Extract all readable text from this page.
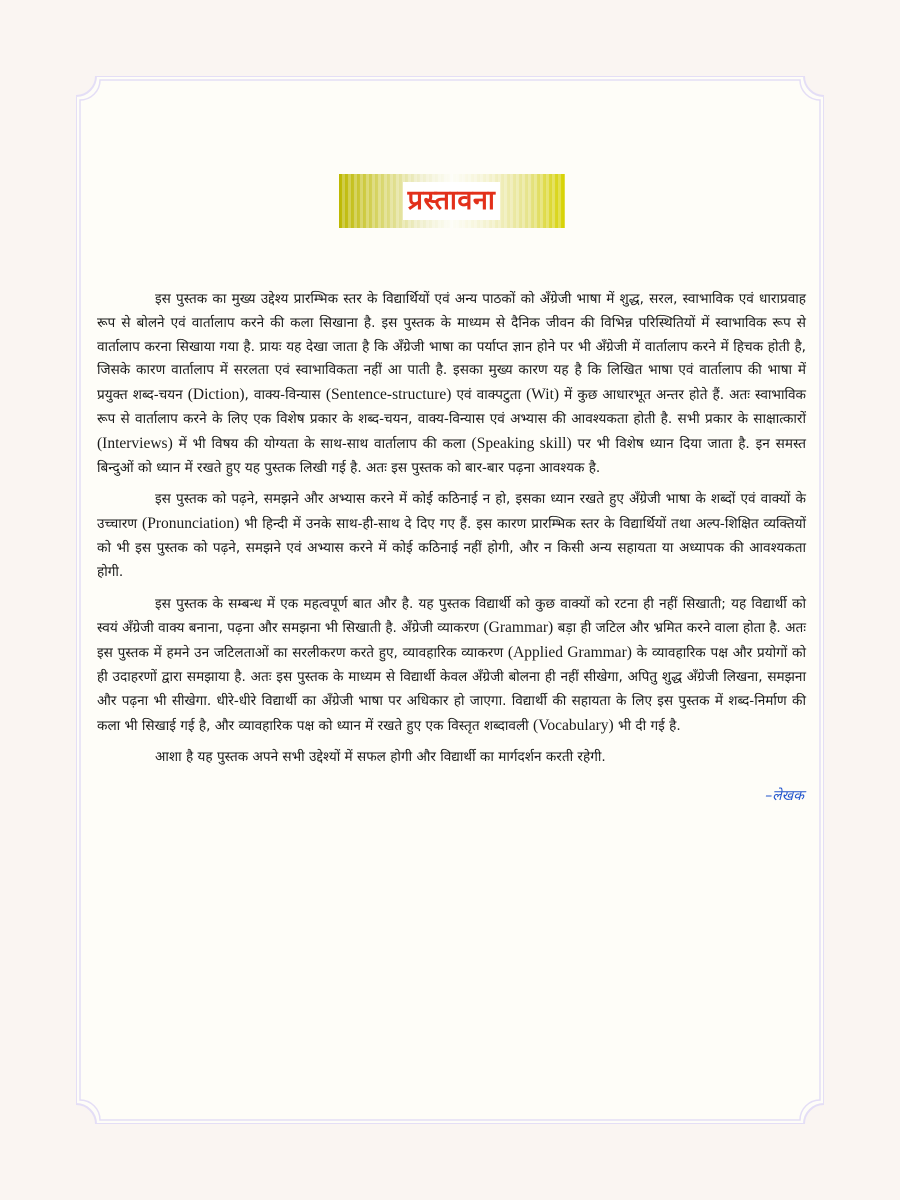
प्रस्तावना

इस पुस्तक का मुख्य उद्देश्य प्रारम्भिक स्तर के विद्यार्थियों एवं अन्य पाठकों को अँग्रेजी भाषा में शुद्ध, सरल, स्वाभाविक एवं धाराप्रवाह रूप से बोलने एवं वार्तालाप करने की कला सिखाना है. इस पुस्तक के माध्यम से दैनिक जीवन की विभिन्न परिस्थितियों में स्वाभाविक रूप से वार्तालाप करना सिखाया गया है. प्रायः यह देखा जाता है कि अँग्रेजी भाषा का पर्याप्त ज्ञान होने पर भी अँग्रेजी में वार्तालाप करने में हिचक होती है, जिसके कारण वार्तालाप में सरलता एवं स्वाभाविकता नहीं आ पाती है. इसका मुख्य कारण यह है कि लिखित भाषा एवं वार्तालाप की भाषा में प्रयुक्त शब्द-चयन (Diction), वाक्य-विन्यास (Sentence-structure) एवं वाक्पटुता (Wit) में कुछ आधारभूत अन्तर होते हैं. अतः स्वाभाविक रूप से वार्तालाप करने के लिए एक विशेष प्रकार के शब्द-चयन, वाक्य-विन्यास एवं अभ्यास की आवश्यकता होती है. सभी प्रकार के साक्षात्कारों (Interviews) में भी विषय की योग्यता के साथ-साथ वार्तालाप की कला (Speaking skill) पर भी विशेष ध्यान दिया जाता है. इन समस्त बिन्दुओं को ध्यान में रखते हुए यह पुस्तक लिखी गई है. अतः इस पुस्तक को बार-बार पढ़ना आवश्यक है.

इस पुस्तक को पढ़ने, समझने और अभ्यास करने में कोई कठिनाई न हो, इसका ध्यान रखते हुए अँग्रेजी भाषा के शब्दों एवं वाक्यों के उच्चारण (Pronunciation) भी हिन्दी में उनके साथ-ही-साथ दे दिए गए हैं. इस कारण प्रारम्भिक स्तर के विद्यार्थियों तथा अल्प-शिक्षित व्यक्तियों को भी इस पुस्तक को पढ़ने, समझने एवं अभ्यास करने में कोई कठिनाई नहीं होगी, और न किसी अन्य सहायता या अध्यापक की आवश्यकता होगी.

इस पुस्तक के सम्बन्ध में एक महत्वपूर्ण बात और है. यह पुस्तक विद्यार्थी को कुछ वाक्यों को रटना ही नहीं सिखाती; यह विद्यार्थी को स्वयं अँग्रेजी वाक्य बनाना, पढ़ना और समझना भी सिखाती है. अँग्रेजी व्याकरण (Grammar) बड़ा ही जटिल और भ्रमित करने वाला होता है. अतः इस पुस्तक में हमने उन जटिलताओं का सरलीकरण करते हुए, व्यावहारिक व्याकरण (Applied Grammar) के व्यावहारिक पक्ष और प्रयोगों को ही उदाहरणों द्वारा समझाया है. अतः इस पुस्तक के माध्यम से विद्यार्थी केवल अँग्रेजी बोलना ही नहीं सीखेगा, अपितु शुद्ध अँग्रेजी लिखना, समझना और पढ़ना भी सीखेगा. धीरे-धीरे विद्यार्थी का अँग्रेजी भाषा पर अधिकार हो जाएगा. विद्यार्थी की सहायता के लिए इस पुस्तक में शब्द-निर्माण की कला भी सिखाई गई है, और व्यावहारिक पक्ष को ध्यान में रखते हुए एक विस्तृत शब्दावली (Vocabulary) भी दी गई है.

आशा है यह पुस्तक अपने सभी उद्देश्यों में सफल होगी और विद्यार्थी का मार्गदर्शन करती रहेगी.

–लेखक
